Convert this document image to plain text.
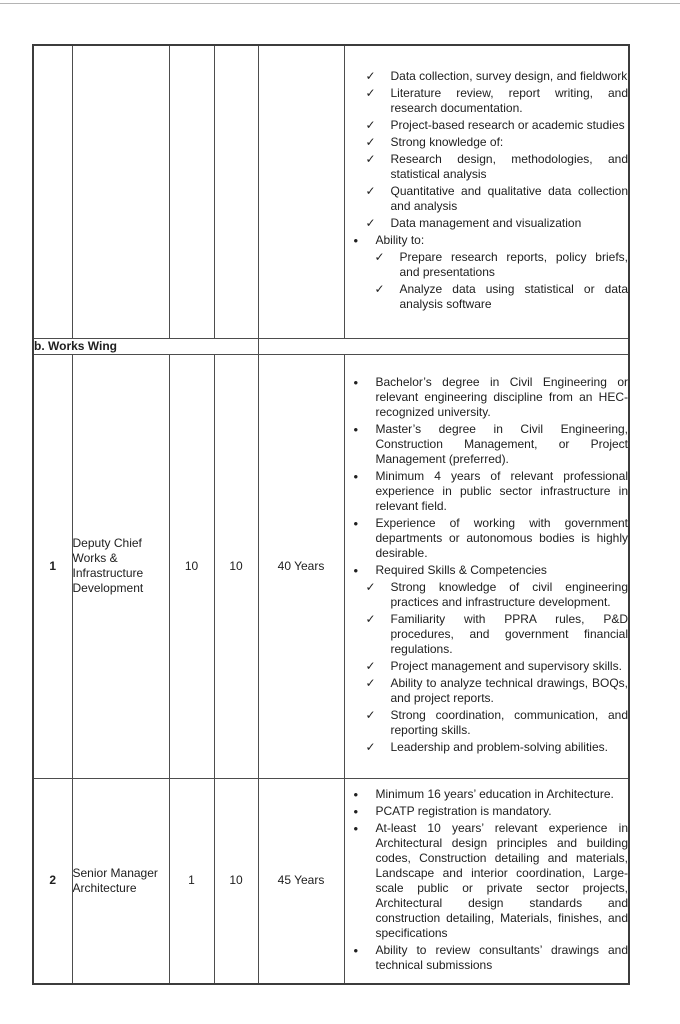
✓	Data collection, survey design, and fieldwork
✓	Literature review, report writing, and research documentation.
✓	Project-based research or academic studies
✓	Strong knowledge of:
✓	Research design, methodologies, and statistical analysis
✓	Quantitative and qualitative data collection and analysis
✓	Data management and visualization
•	Ability to:
✓	Prepare research reports, policy briefs, and presentations
✓	Analyze data using statistical or data analysis software

b. Works Wing					
1	Deputy Chief Works & Infrastructure Development	10	10	40 Years	
•	Bachelor’s degree in Civil Engineering or relevant engineering discipline from an HEC-recognized university.
•	Master’s degree in Civil Engineering, Construction Management, or Project Management (preferred).
•	Minimum 4 years of relevant professional experience in public sector infrastructure in relevant field.
•	Experience of working with government departments or autonomous bodies is highly desirable.
•	Required Skills & Competencies
✓	Strong knowledge of civil engineering practices and infrastructure development.
✓	Familiarity with PPRA rules, P&D procedures, and government financial regulations.
✓	Project management and supervisory skills.
✓	Ability to analyze technical drawings, BOQs, and project reports.
✓	Strong coordination, communication, and reporting skills.
✓	Leadership and problem-solving abilities.

2	Senior Manager Architecture	1	10	45 Years	
•	Minimum 16 years’ education in Architecture.
•	PCATP registration is mandatory.
•	At-least 10 years’ relevant experience in Architectural design principles and building codes, Construction detailing and materials, Landscape and interior coordination, Large-scale public or private sector projects, Architectural design standards and construction detailing, Materials, finishes, and specifications
•	Ability to review consultants’ drawings and technical submissions
